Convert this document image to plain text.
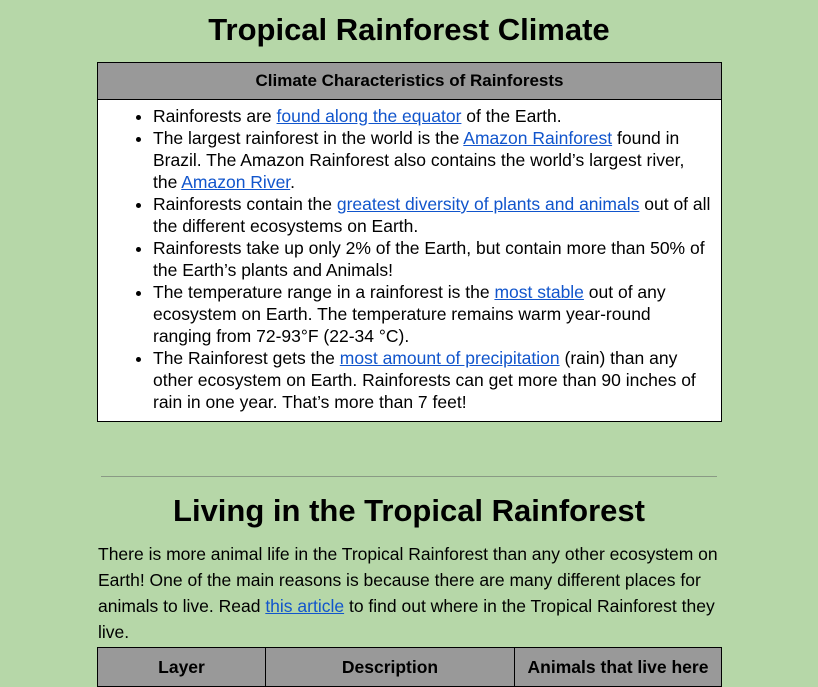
Tropical Rainforest Climate
Climate Characteristics of Rainforests
• Rainforests are found along the equator of the Earth.
• The largest rainforest in the world is the Amazon Rainforest found in Brazil. The Amazon Rainforest also contains the world’s largest river, the Amazon River.
• Rainforests contain the greatest diversity of plants and animals out of all the different ecosystems on Earth.
• Rainforests take up only 2% of the Earth, but contain more than 50% of the Earth’s plants and Animals!
• The temperature range in a rainforest is the most stable out of any ecosystem on Earth. The temperature remains warm year-round ranging from 72-93°F (22-34 °C).
• The Rainforest gets the most amount of precipitation (rain) than any other ecosystem on Earth. Rainforests can get more than 90 inches of rain in one year. That’s more than 7 feet!
Living in the Tropical Rainforest

There is more animal life in the Tropical Rainforest than any other ecosystem on Earth! One of the main reasons is because there are many different places for animals to live. Read this article to find out where in the Tropical Rainforest they live.

Layer	Description	Animals that live here
